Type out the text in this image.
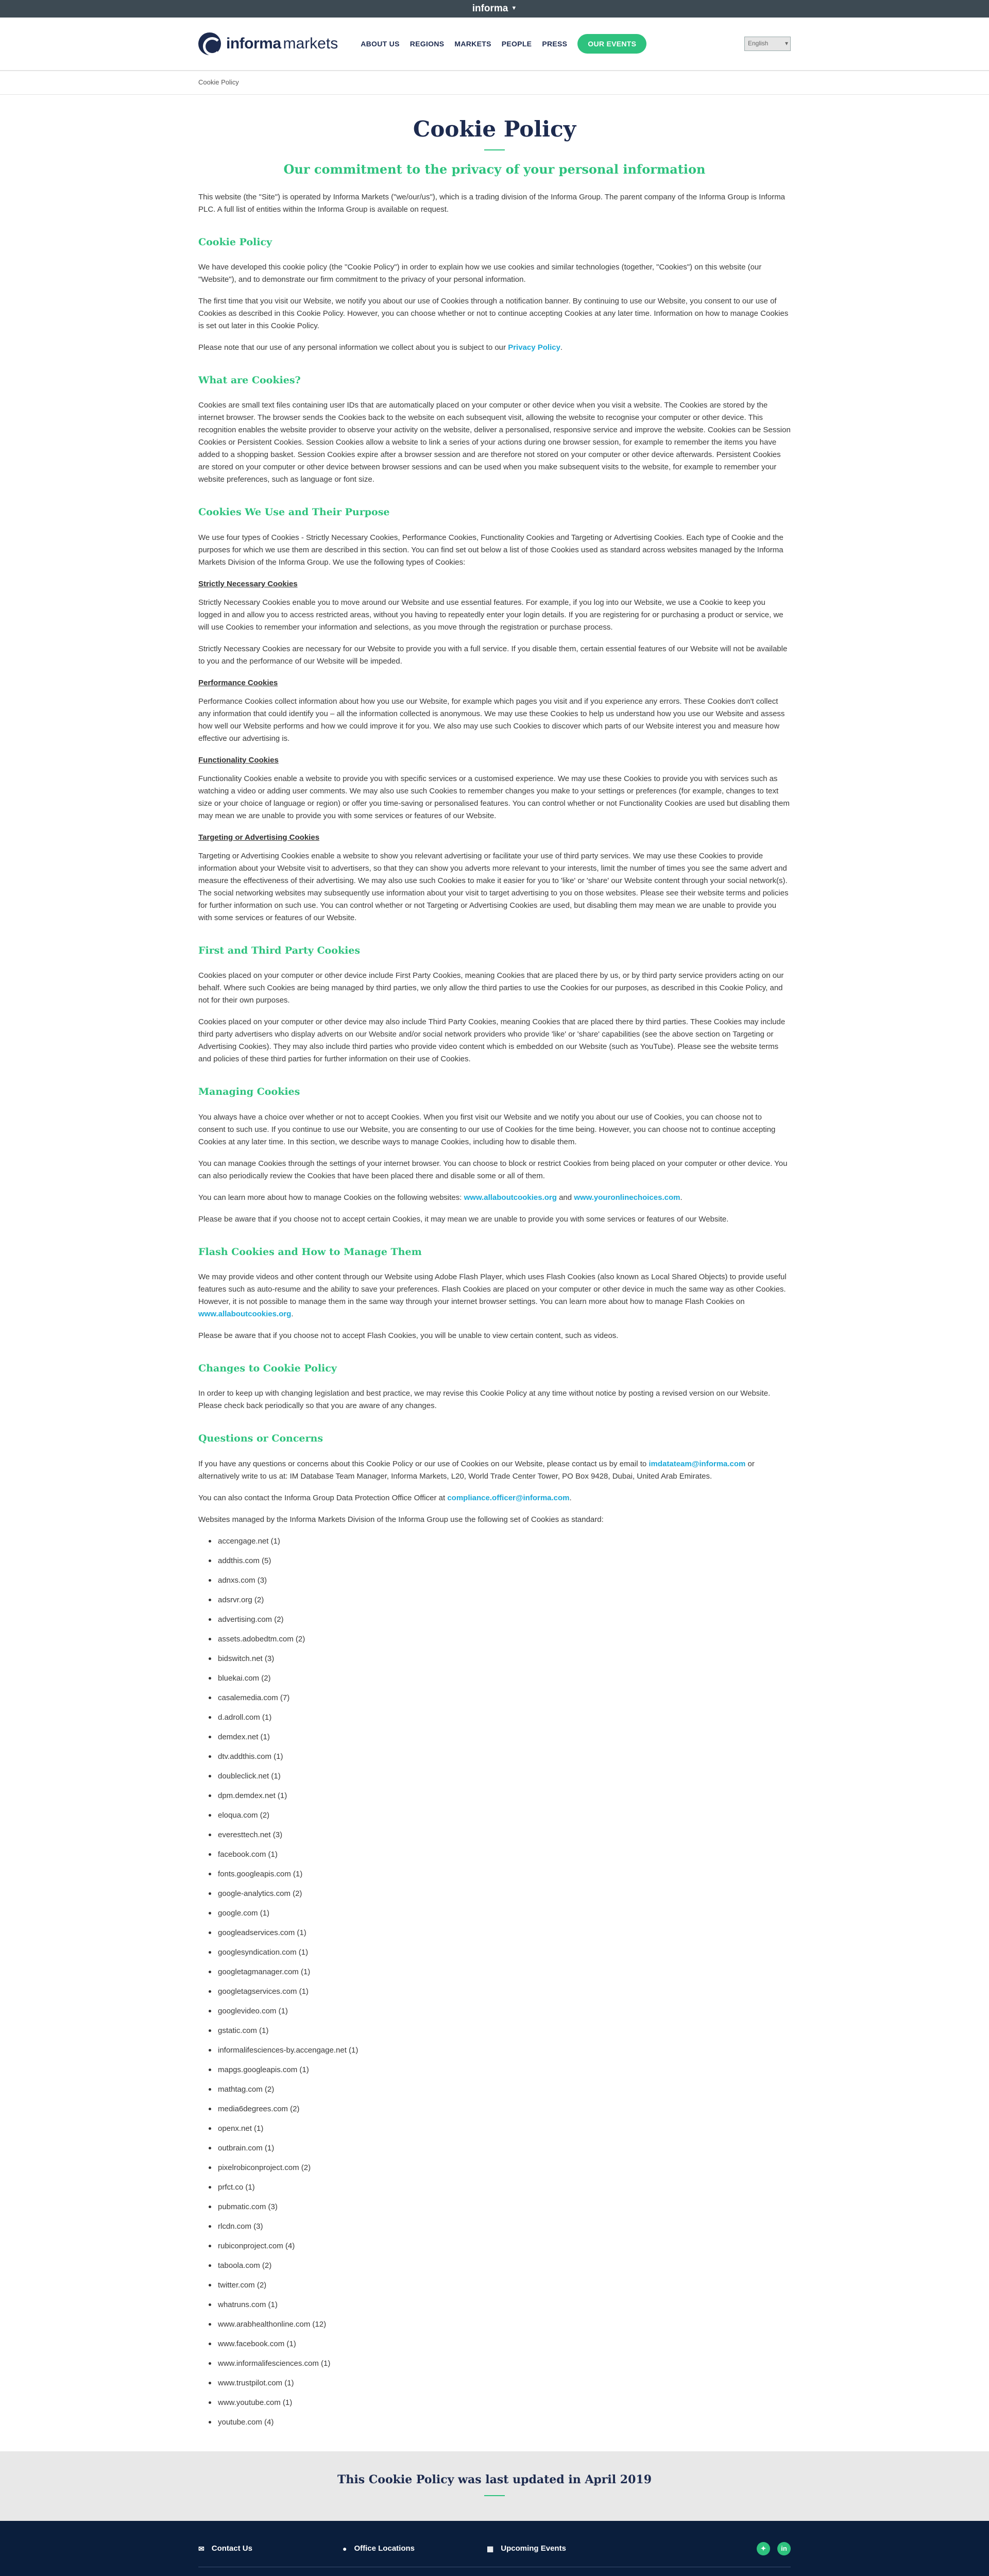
informa ▼
informa markets	ABOUT US REGIONS MARKETS PEOPLE PRESS	OUR EVENTS	English	▾
Cookie Policy
Cookie Policy
Our commitment to the privacy of your personal information

This website (the "Site") is operated by Informa Markets ("we/our/us"), which is a trading division of the Informa Group. The parent company of the Informa Group is Informa PLC. A full list of entities within the Informa Group is available on request.

Cookie Policy

We have developed this cookie policy (the "Cookie Policy") in order to explain how we use cookies and similar technologies (together, "Cookies") on this website (our "Website"), and to demonstrate our firm commitment to the privacy of your personal information.

The first time that you visit our Website, we notify you about our use of Cookies through a notification banner. By continuing to use our Website, you consent to our use of Cookies as described in this Cookie Policy. However, you can choose whether or not to continue accepting Cookies at any later time. Information on how to manage Cookies is set out later in this Cookie Policy.

Please note that our use of any personal information we collect about you is subject to our Privacy Policy.

What are Cookies?

Cookies are small text files containing user IDs that are automatically placed on your computer or other device when you visit a website. The Cookies are stored by the internet browser. The browser sends the Cookies back to the website on each subsequent visit, allowing the website to recognise your computer or other device. This recognition enables the website provider to observe your activity on the website, deliver a personalised, responsive service and improve the website. Cookies can be Session Cookies or Persistent Cookies. Session Cookies allow a website to link a series of your actions during one browser session, for example to remember the items you have added to a shopping basket. Session Cookies expire after a browser session and are therefore not stored on your computer or other device afterwards. Persistent Cookies are stored on your computer or other device between browser sessions and can be used when you make subsequent visits to the website, for example to remember your website preferences, such as language or font size.

Cookies We Use and Their Purpose

We use four types of Cookies - Strictly Necessary Cookies, Performance Cookies, Functionality Cookies and Targeting or Advertising Cookies. Each type of Cookie and the purposes for which we use them are described in this section. You can find set out below a list of those Cookies used as standard across websites managed by the Informa Markets Division of the Informa Group. We use the following types of Cookies:

Strictly Necessary Cookies

Strictly Necessary Cookies enable you to move around our Website and use essential features. For example, if you log into our Website, we use a Cookie to keep you logged in and allow you to access restricted areas, without you having to repeatedly enter your login details. If you are registering for or purchasing a product or service, we will use Cookies to remember your information and selections, as you move through the registration or purchase process.

Strictly Necessary Cookies are necessary for our Website to provide you with a full service. If you disable them, certain essential features of our Website will not be available to you and the performance of our Website will be impeded.

Performance Cookies

Performance Cookies collect information about how you use our Website, for example which pages you visit and if you experience any errors. These Cookies don't collect any information that could identify you – all the information collected is anonymous. We may use these Cookies to help us understand how you use our Website and assess how well our Website performs and how we could improve it for you. We also may use such Cookies to discover which parts of our Website interest you and measure how effective our advertising is.

Functionality Cookies

Functionality Cookies enable a website to provide you with specific services or a customised experience. We may use these Cookies to provide you with services such as watching a video or adding user comments. We may also use such Cookies to remember changes you make to your settings or preferences (for example, changes to text size or your choice of language or region) or offer you time-saving or personalised features. You can control whether or not Functionality Cookies are used but disabling them may mean we are unable to provide you with some services or features of our Website.

Targeting or Advertising Cookies

Targeting or Advertising Cookies enable a website to show you relevant advertising or facilitate your use of third party services. We may use these Cookies to provide information about your Website visit to advertisers, so that they can show you adverts more relevant to your interests, limit the number of times you see the same advert and measure the effectiveness of their advertising. We may also use such Cookies to make it easier for you to 'like' or 'share' our Website content through your social network(s). The social networking websites may subsequently use information about your visit to target advertising to you on those websites. Please see their website terms and policies for further information on such use. You can control whether or not Targeting or Advertising Cookies are used, but disabling them may mean we are unable to provide you with some services or features of our Website.

First and Third Party Cookies

Cookies placed on your computer or other device include First Party Cookies, meaning Cookies that are placed there by us, or by third party service providers acting on our behalf. Where such Cookies are being managed by third parties, we only allow the third parties to use the Cookies for our purposes, as described in this Cookie Policy, and not for their own purposes.

Cookies placed on your computer or other device may also include Third Party Cookies, meaning Cookies that are placed there by third parties. These Cookies may include third party advertisers who display adverts on our Website and/or social network providers who provide 'like' or 'share' capabilities (see the above section on Targeting or Advertising Cookies). They may also include third parties who provide video content which is embedded on our Website (such as YouTube). Please see the website terms and policies of these third parties for further information on their use of Cookies.

Managing Cookies

You always have a choice over whether or not to accept Cookies. When you first visit our Website and we notify you about our use of Cookies, you can choose not to consent to such use. If you continue to use our Website, you are consenting to our use of Cookies for the time being. However, you can choose not to continue accepting Cookies at any later time. In this section, we describe ways to manage Cookies, including how to disable them.

You can manage Cookies through the settings of your internet browser. You can choose to block or restrict Cookies from being placed on your computer or other device. You can also periodically review the Cookies that have been placed there and disable some or all of them.

You can learn more about how to manage Cookies on the following websites: www.allaboutcookies.org and www.youronlinechoices.com.

Please be aware that if you choose not to accept certain Cookies, it may mean we are unable to provide you with some services or features of our Website.

Flash Cookies and How to Manage Them

We may provide videos and other content through our Website using Adobe Flash Player, which uses Flash Cookies (also known as Local Shared Objects) to provide useful features such as auto-resume and the ability to save your preferences. Flash Cookies are placed on your computer or other device in much the same way as other Cookies. However, it is not possible to manage them in the same way through your internet browser settings. You can learn more about how to manage Flash Cookies on www.allaboutcookies.org.

Please be aware that if you choose not to accept Flash Cookies, you will be unable to view certain content, such as videos.

Changes to Cookie Policy

In order to keep up with changing legislation and best practice, we may revise this Cookie Policy at any time without notice by posting a revised version on our Website. Please check back periodically so that you are aware of any changes.

Questions or Concerns

If you have any questions or concerns about this Cookie Policy or our use of Cookies on our Website, please contact us by email to imdatateam@informa.com or alternatively write to us at: IM Database Team Manager, Informa Markets, L20, World Trade Center Tower, PO Box 9428, Dubai, United Arab Emirates.

You can also contact the Informa Group Data Protection Office Officer at compliance.officer@informa.com.

Websites managed by the Informa Markets Division of the Informa Group use the following set of Cookies as standard:

accengage.net (1)
addthis.com (5)
adnxs.com (3)
adsrvr.org (2)
advertising.com (2)
assets.adobedtm.com (2)
bidswitch.net (3)
bluekai.com (2)
casalemedia.com (7)
d.adroll.com (1)
demdex.net (1)
dtv.addthis.com (1)
doubleclick.net (1)
dpm.demdex.net (1)
eloqua.com (2)
everesttech.net (3)
facebook.com (1)
fonts.googleapis.com (1)
google-analytics.com (2)
google.com (1)
googleadservices.com (1)
googlesyndication.com (1)
googletagmanager.com (1)
googletagservices.com (1)
googlevideo.com (1)
gstatic.com (1)
informalifesciences-by.accengage.net (1)
mapgs.googleapis.com (1)
mathtag.com (2)
media6degrees.com (2)
openx.net (1)
outbrain.com (1)
pixelrobiconproject.com (2)
prfct.co (1)
pubmatic.com (3)
rlcdn.com (3)
rubiconproject.com (4)
taboola.com (2)
twitter.com (2)
whatruns.com (1)
www.arabhealthonline.com (12)
www.facebook.com (1)
www.informalifesciences.com (1)
www.trustpilot.com (1)
www.youtube.com (1)
youtube.com (4)
This Cookie Policy was last updated in April 2019
✉ Contact Us	● Office Locations	▦ Upcoming Events	✦	in
